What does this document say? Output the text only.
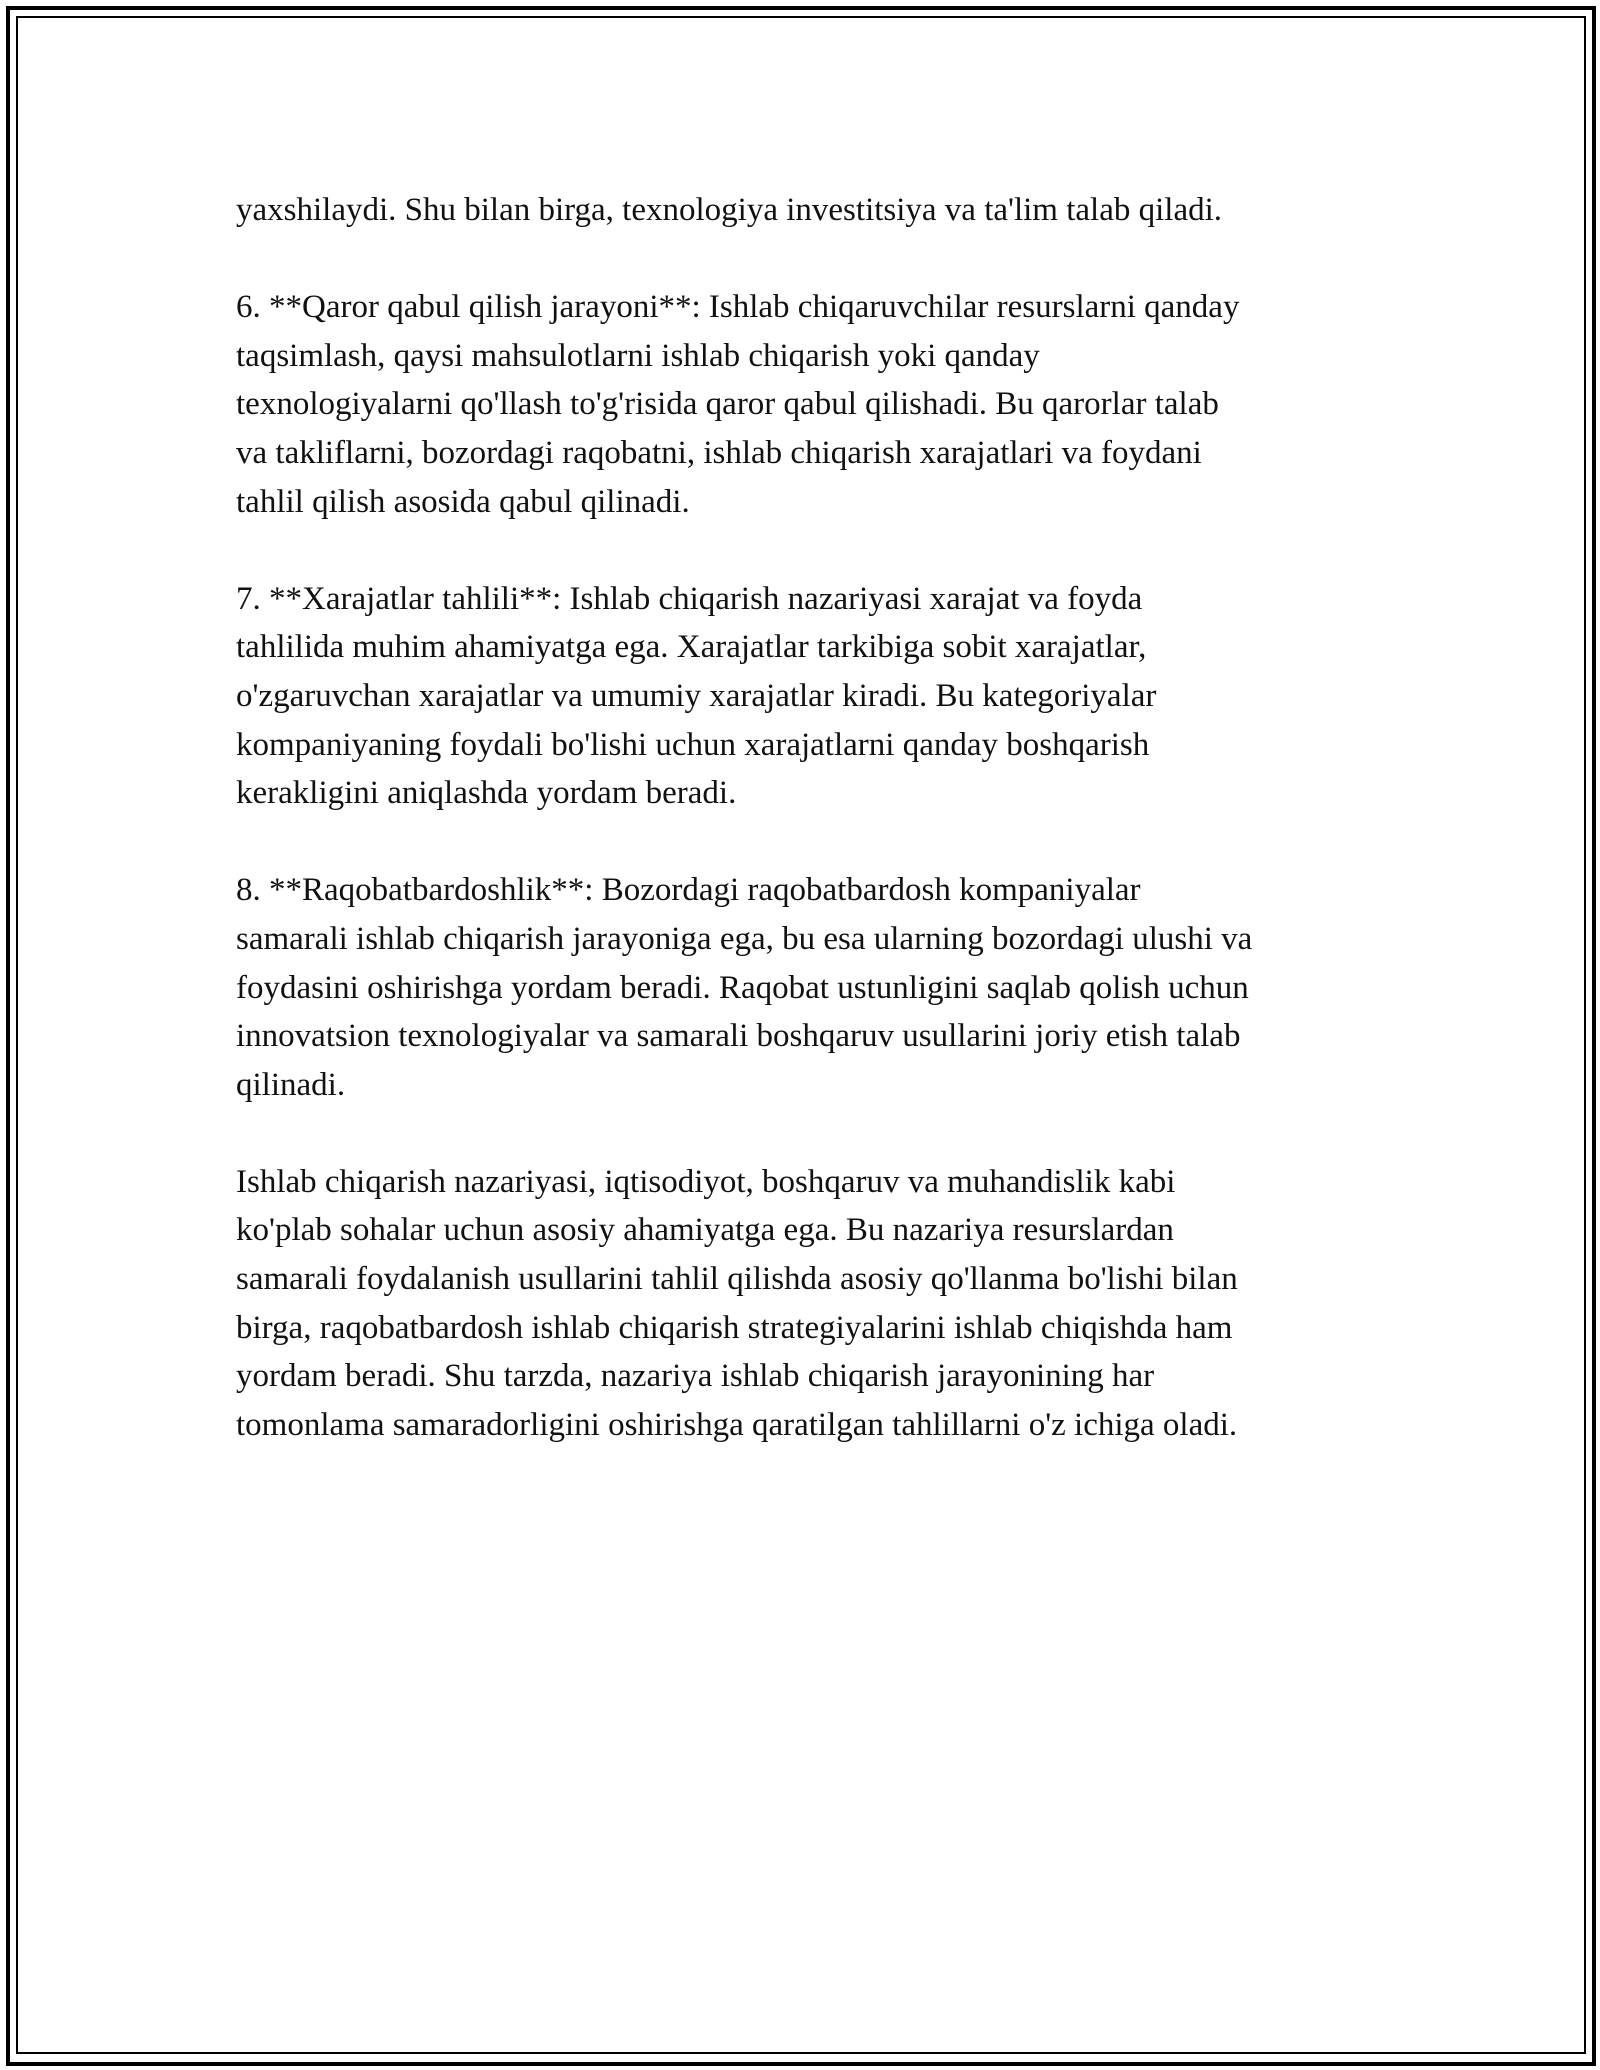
yaxshilaydi. Shu bilan birga, texnologiya investitsiya va ta'lim talab qiladi.

6. **Qaror qabul qilish jarayoni**: Ishlab chiqaruvchilar resurslarni qanday
taqsimlash, qaysi mahsulotlarni ishlab chiqarish yoki qanday
texnologiyalarni qo'llash to'g'risida qaror qabul qilishadi. Bu qarorlar talab
va takliflarni, bozordagi raqobatni, ishlab chiqarish xarajatlari va foydani
tahlil qilish asosida qabul qilinadi.

7. **Xarajatlar tahlili**: Ishlab chiqarish nazariyasi xarajat va foyda
tahlilida muhim ahamiyatga ega. Xarajatlar tarkibiga sobit xarajatlar,
o'zgaruvchan xarajatlar va umumiy xarajatlar kiradi. Bu kategoriyalar
kompaniyaning foydali bo'lishi uchun xarajatlarni qanday boshqarish
kerakligini aniqlashda yordam beradi.

8. **Raqobatbardoshlik**: Bozordagi raqobatbardosh kompaniyalar
samarali ishlab chiqarish jarayoniga ega, bu esa ularning bozordagi ulushi va
foydasini oshirishga yordam beradi. Raqobat ustunligini saqlab qolish uchun
innovatsion texnologiyalar va samarali boshqaruv usullarini joriy etish talab
qilinadi.

Ishlab chiqarish nazariyasi, iqtisodiyot, boshqaruv va muhandislik kabi
ko'plab sohalar uchun asosiy ahamiyatga ega. Bu nazariya resurslardan
samarali foydalanish usullarini tahlil qilishda asosiy qo'llanma bo'lishi bilan
birga, raqobatbardosh ishlab chiqarish strategiyalarini ishlab chiqishda ham
yordam beradi. Shu tarzda, nazariya ishlab chiqarish jarayonining har
tomonlama samaradorligini oshirishga qaratilgan tahlillarni o'z ichiga oladi.
